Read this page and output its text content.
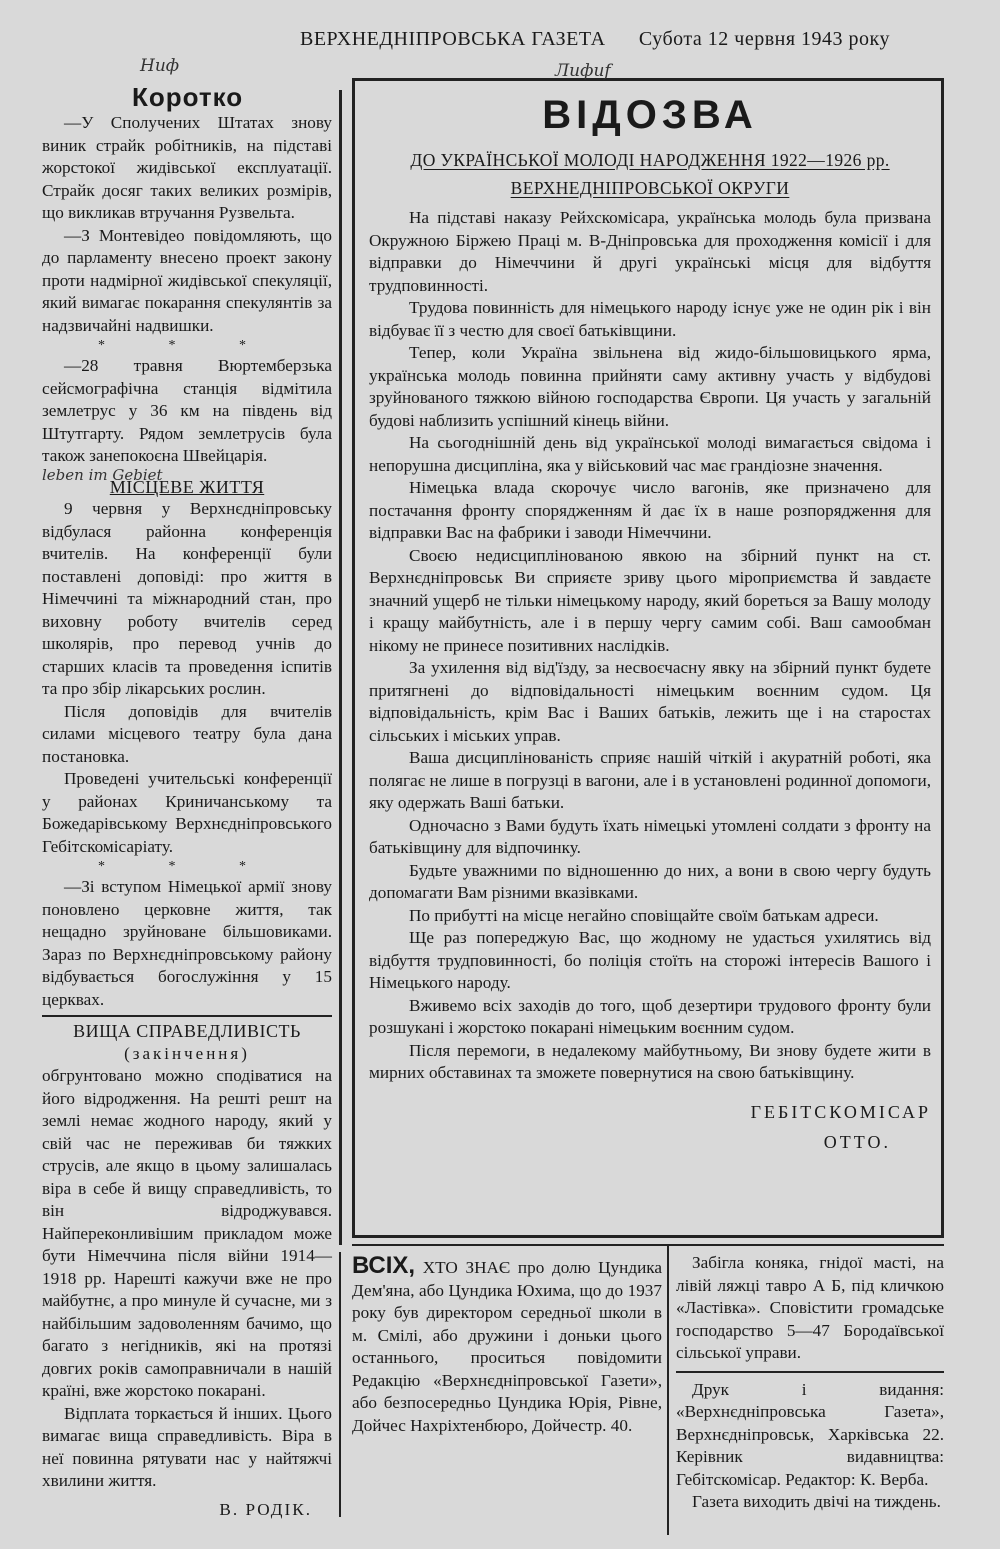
ВЕРХНЕДНІПРОВСЬКА ГАЗЕТА Субота 12 червня 1943 року
Ниф
Коротко

—У Сполучених Штатах знову виник страйк робітників, на підставі жорстокої жидівської експлуатації. Страйк досяг таких великих розмірів, що викликав втручання Рузвельта.

—З Монтевідео повідомляють, що до парламенту внесено проект закону проти надмірної жидівської спекуляції, який вимагає покарання спекулянтів за надзвичайні надвишки.

* * *

—28 травня Вюртемберзька сейсмографічна станція відмітила землетрус у 36 км на південь від Штутгарту. Рядом землетрусів була також занепокоєна Швейцарія.

leben im Gebiet
МІСЦЕВЕ ЖИТТЯ

9 червня у Верхнєдніпровську відбулася районна конференція вчителів. На конференції були поставлені доповіді: про життя в Німеччині та міжнародний стан, про виховну роботу вчителів серед школярів, про перевод учнів до старших класів та проведення іспитів та про збір лікарських рослин.

Після доповідів для вчителів силами місцевого театру була дана постановка.

Проведені учительські конференції у районах Криничанському та Божедарівському Верхнєдніпровського Гебітскомісаріату.

* * *

—Зі вступом Німецької армії знову поновлено церковне життя, так нещадно зруйноване більшовиками. Зараз по Верхнєдніпровському району відбувається богослужіння у 15 церквах.

ВИЩА СПРАВЕДЛИВІСТЬ
(закінчення)

обгрунтовано можно сподіватися на його відродження. На решті решт на землі немає жодного народу, який у свій час не переживав би тяжких струсів, але якщо в цьому залишалась віра в себе й вищу справедливість, то він відроджувався. Найпереконливішим прикладом може бути Німеччина після війни 1914—1918 рр. Нарешті кажучи вже не про майбутнє, а про минуле й сучасне, ми з найбільшим задоволенням бачимо, що багато з негідників, які на протязі довгих років самоправничали в нашій країні, вже жорстоко покарані.

Відплата торкається й інших. Цього вимагає вища справедливість. Віра в неї повинна рятувати нас у найтяжчі хвилини життя.

В. РОДІК.
Лифиf
ВІДОЗВА
ДО УКРАЇНСЬКОЇ МОЛОДІ НАРОДЖЕННЯ 1922—1926 рр.
ВЕРХНЕДНІПРОВСЬКОЇ ОКРУГИ

На підставі наказу Рейхскомісара, українська молодь була призвана Окружною Біржею Праці м. В-Дніпровська для проходження комісії і для відправки до Німеччини й другі українські місця для відбуття трудповинності.

Трудова повинність для німецького народу існує уже не один рік і він відбуває її з честю для своєї батьківщини.

Тепер, коли Україна звільнена від жидо-більшовицького ярма, українська молодь повинна прийняти саму активну участь у відбудові зруйнованого тяжкою війною господарства Європи. Ця участь у загальній будові наблизить успішний кінець війни.

На сьогоднішній день від української молоді вимагається свідома і непорушна дисципліна, яка у військовий час має грандіозне значення.

Німецька влада скорочує число вагонів, яке призначено для постачання фронту спорядженням й дає їх в наше розпорядження для відправки Вас на фабрики і заводи Німеччини.

Своєю недисциплінованою явкою на збірний пункт на ст. Верхнєдніпровськ Ви сприяєте зриву цього міроприємства й завдаєте значний ущерб не тільки німецькому народу, який бореться за Вашу молоду і кращу майбутність, але і в першу чергу самим собі. Ваш самообман нікому не принесе позитивних наслідків.

За ухилення від від'їзду, за несвоєчасну явку на збірний пункт будете притягнені до відповідальності німецьким воєнним судом. Ця відповідальність, крім Вас і Ваших батьків, лежить ще і на старостах сільських і міських управ.

Ваша дисциплінованість сприяє нашій чіткій і акуратній роботі, яка полягає не лише в погрузці в вагони, але і в установлені родинної допомоги, яку одержать Ваші батьки.

Одночасно з Вами будуть їхать німецькі утомлені солдати з фронту на батьківщину для відпочинку.

Будьте уважними по відношенню до них, а вони в свою чергу будуть допомагати Вам різними вказівками.

По прибутті на місце негайно сповіщайте своїм батькам адреси.

Ще раз попереджую Вас, що жодному не удасться ухилятись від відбуття трудповинності, бо поліція стоїть на сторожі інтересів Вашого і Німецького народу.

Вживемо всіх заходів до того, щоб дезертири трудового фронту були розшукані і жорстоко покарані німецьким воєнним судом.

Після перемоги, в недалекому майбутньому, Ви знову будете жити в мирних обставинах та зможете повернутися на свою батьківщину.

ГЕБІТСКОМІСАР
ОТТО.
ВСІХ, ХТО ЗНАЄ про долю Цундика Дем'яна, або Цундика Юхима, що до 1937 року був директором середньої школи в м. Смілі, або дружини і доньки цього останнього, проситься повідомити Редакцію «Верхнєдніпровської Газети», або безпосередньо Цундика Юрія, Рівне, Дойчес Нахріхтенбюро, Дойчестр. 40.

Забігла коняка, гнідої масті, на лівій ляжці тавро А Б, під кличкою «Ластівка». Сповістити громадське господарство 5—47 Бородаївської сільської управи.

Друк і видання: «Верхнєдніпровська Газета», Верхнєдніпровськ, Харківська 22. Керівник видавництва: Гебітскомісар. Редактор: К. Верба.

Газета виходить двічі на тиждень.
